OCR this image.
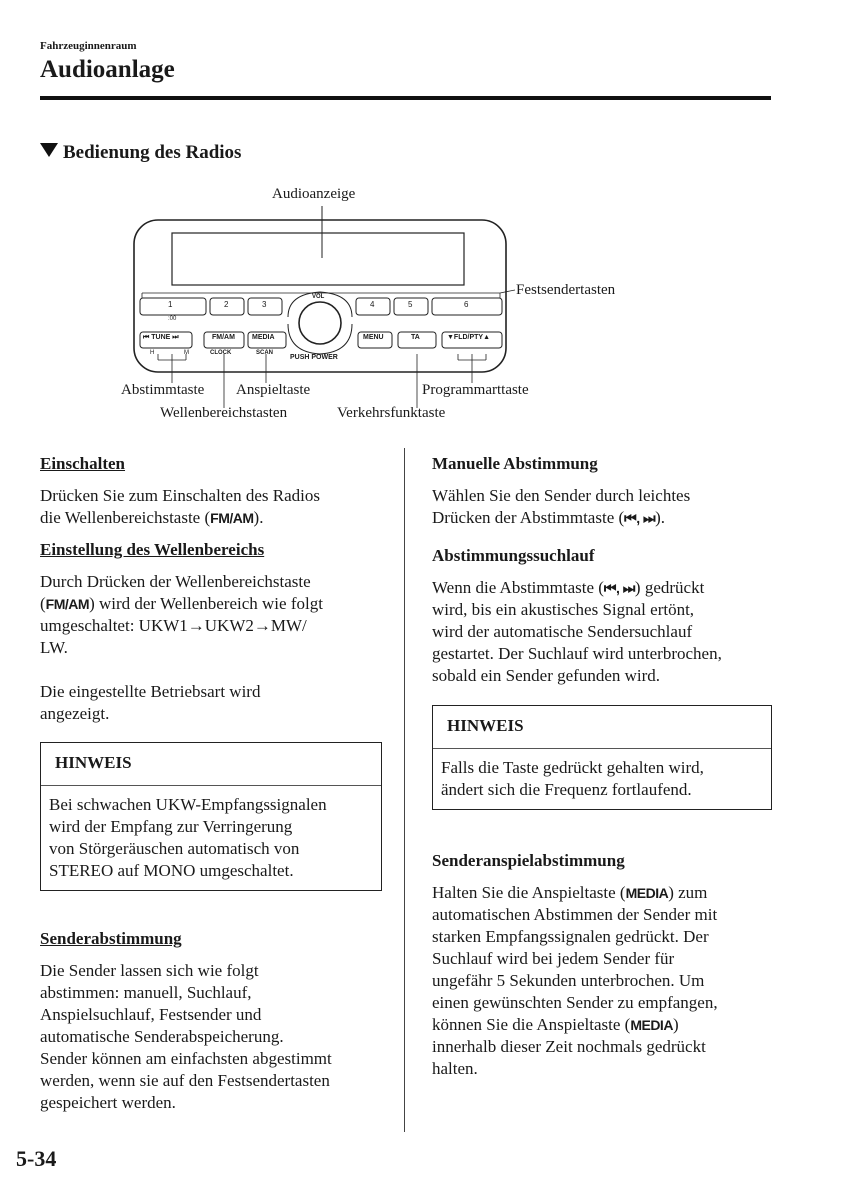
Fahrzeuginnenraum
Audioanlage
Bedienung des Radios
Audioanzeige
1
:00
2	3	4	5	6
VOL
PUSH POWER
⏮ TUNE ⏭
H	M
FM/AM
CLOCK
MEDIA
SCAN
MENU	TA	▼FLD/PTY▲
Festsendertasten
Abstimmtaste Anspieltaste
Wellenbereichstasten	Verkehrsfunktaste
Programmarttaste

Einschalten

Drücken Sie zum Einschalten des Radios

die Wellenbereichstaste (FM/AM).

Einstellung des Wellenbereichs

Durch Drücken der Wellenbereichstaste

(FM/AM) wird der Wellenbereich wie folgt

umgeschaltet: UKW1→UKW2→MW/

LW.

Die eingestellte Betriebsart wird

angezeigt.

HINWEIS
Bei schwachen UKW-Empfangssignalen
wird der Empfang zur Verringerung
von Störgeräuschen automatisch von
STEREO auf MONO umgeschaltet.

Senderabstimmung

Die Sender lassen sich wie folgt

abstimmen: manuell, Suchlauf,

Anspielsuchlauf, Festsender und

automatische Senderabspeicherung.

Sender können am einfachsten abgestimmt

werden, wenn sie auf den Festsendertasten

gespeichert werden.

Manuelle Abstimmung

Wählen Sie den Sender durch leichtes

Drücken der Abstimmtaste (⏮, ⏭).

Abstimmungssuchlauf

Wenn die Abstimmtaste (⏮, ⏭) gedrückt

wird, bis ein akustisches Signal ertönt,

wird der automatische Sendersuchlauf

gestartet. Der Suchlauf wird unterbrochen,

sobald ein Sender gefunden wird.

HINWEIS
Falls die Taste gedrückt gehalten wird,
ändert sich die Frequenz fortlaufend.

Senderanspielabstimmung

Halten Sie die Anspieltaste (MEDIA) zum

automatischen Abstimmen der Sender mit

starken Empfangssignalen gedrückt. Der

Suchlauf wird bei jedem Sender für

ungefähr 5 Sekunden unterbrochen. Um

einen gewünschten Sender zu empfangen,

können Sie die Anspieltaste (MEDIA)

innerhalb dieser Zeit nochmals gedrückt

halten.

5-34
